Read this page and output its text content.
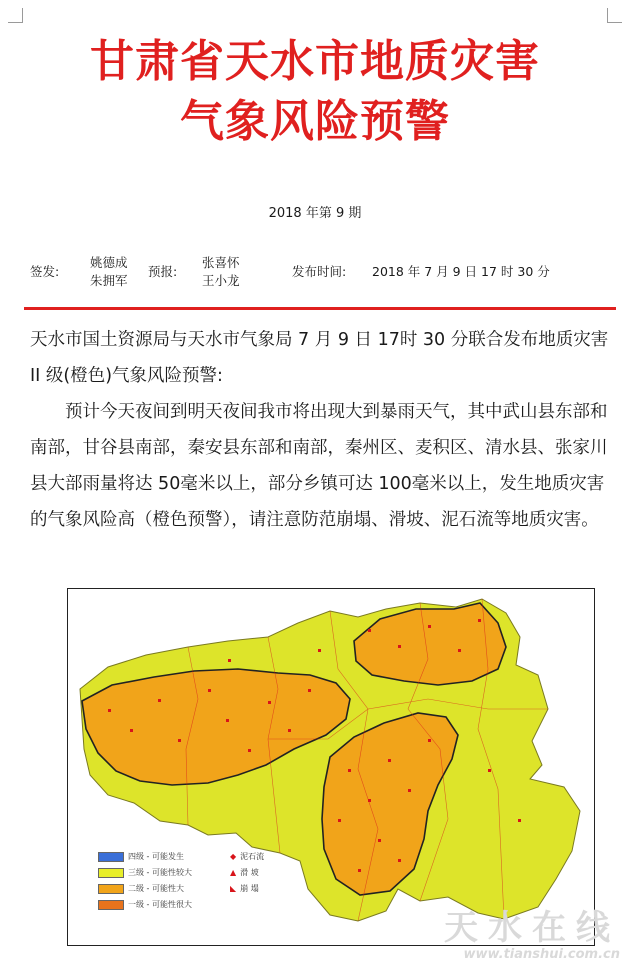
甘肃省天水市地质灾害
气象风险预警
2018 年第 9 期
签发:
姚德成
朱拥军
预报:
张喜怀
王小龙
发布时间: 2018 年 7 月 9 日 17 时 30 分
天水市国土资源局与天水市气象局 7 月 9 日 17时 30 分联合发布地质灾害 II 级(橙色)气象风险预警:
预计今天夜间到明天夜间我市将出现大到暴雨天气，其中武山县东部和南部，甘谷县南部，秦安县东部和南部，秦州区、麦积区、清水县、张家川县大部雨量将达 50毫米以上，部分乡镇可达 100毫米以上，发生地质灾害的气象风险高（橙色预警），请注意防范崩塌、滑坡、泥石流等地质灾害。
四级 - 可能发生
三级 - 可能性较大
二级 - 可能性大
一级 - 可能性很大
◆ 泥石流
▲ 滑 坡
◣ 崩 塌
天水在线
www.tianshui.com.cn
